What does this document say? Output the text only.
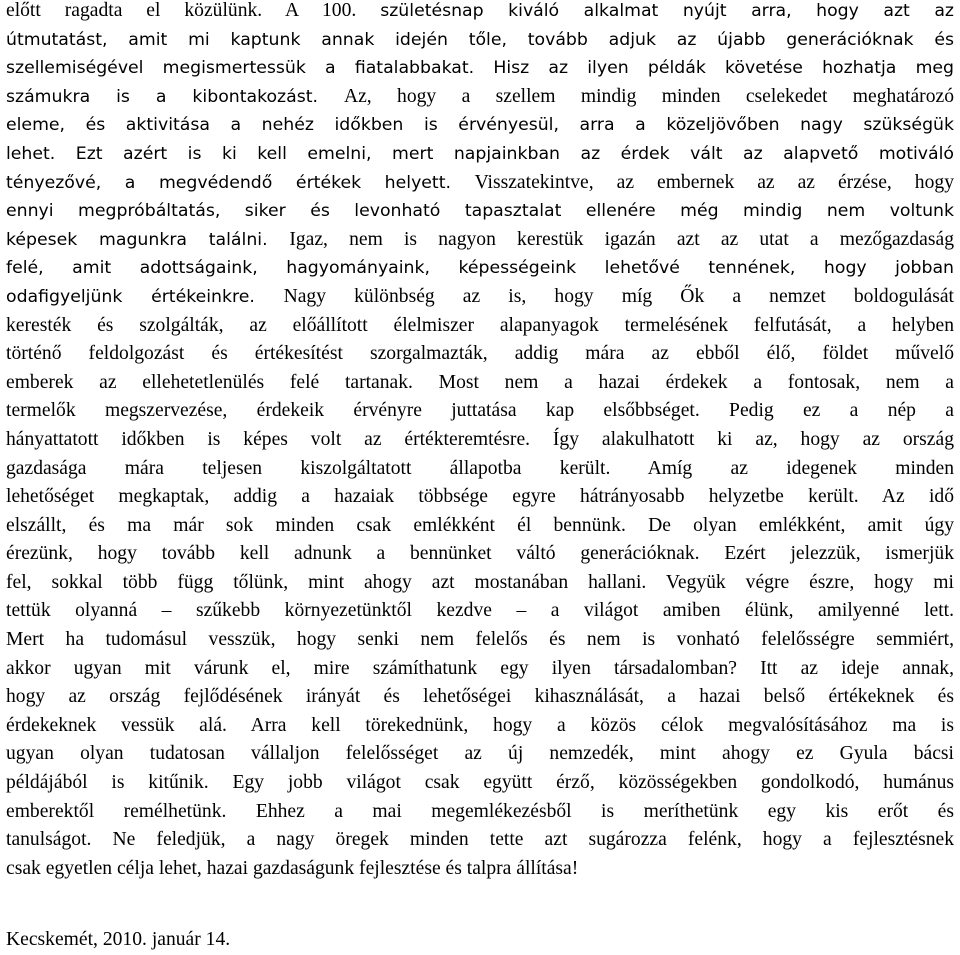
előtt ragadta el közülünk. A 100. születésnap kiváló alkalmat nyújt arra, hogy azt az
útmutatást, amit mi kaptunk annak idején tőle, tovább adjuk az újabb generációknak és
szellemiségével megismertessük a fiatalabbakat. Hisz az ilyen példák követése hozhatja meg
számukra is a kibontakozást. Az, hogy a szellem mindig minden cselekedet meghatározó
eleme, és aktivitása a nehéz időkben is érvényesül, arra a közeljövőben nagy szükségük
lehet. Ezt azért is ki kell emelni, mert napjainkban az érdek vált az alapvető motiváló
tényezővé, a megvédendő értékek helyett. Visszatekintve, az embernek az az érzése, hogy
ennyi megpróbáltatás, siker és levonható tapasztalat ellenére még mindig nem voltunk
képesek magunkra találni. Igaz, nem is nagyon kerestük igazán azt az utat a mezőgazdaság
felé, amit adottságaink, hagyományaink, képességeink lehetővé tennének, hogy jobban
odafigyeljünk értékeinkre. Nagy különbség az is, hogy míg Ők a nemzet boldogulását
keresték és szolgálták, az előállított élelmiszer alapanyagok termelésének felfutását, a helyben
történő feldolgozást és értékesítést szorgalmazták, addig mára az ebből élő, földet művelő
emberek az ellehetetlenülés felé tartanak. Most nem a hazai érdekek a fontosak, nem a
termelők megszervezése, érdekeik érvényre juttatása kap elsőbbséget. Pedig ez a nép a
hányattatott időkben is képes volt az értékteremtésre. Így alakulhatott ki az, hogy az ország
gazdasága mára teljesen kiszolgáltatott állapotba került. Amíg az idegenek minden
lehetőséget megkaptak, addig a hazaiak többsége egyre hátrányosabb helyzetbe került. Az idő
elszállt, és ma már sok minden csak emlékként él bennünk. De olyan emlékként, amit úgy
érezünk, hogy tovább kell adnunk a bennünket váltó generációknak. Ezért jelezzük, ismerjük
fel, sokkal több függ tőlünk, mint ahogy azt mostanában hallani. Vegyük végre észre, hogy mi
tettük olyanná – szűkebb környezetünktől kezdve – a világot amiben élünk, amilyenné lett.
Mert ha tudomásul vesszük, hogy senki nem felelős és nem is vonható felelősségre semmiért,
akkor ugyan mit várunk el, mire számíthatunk egy ilyen társadalomban? Itt az ideje annak,
hogy az ország fejlődésének irányát és lehetőségei kihasználását, a hazai belső értékeknek és
érdekeknek vessük alá. Arra kell törekednünk, hogy a közös célok megvalósításához ma is
ugyan olyan tudatosan vállaljon felelősséget az új nemzedék, mint ahogy ez Gyula bácsi
példájából is kitűnik. Egy jobb világot csak együtt érző, közösségekben gondolkodó, humánus
emberektől remélhetünk. Ehhez a mai megemlékezésből is meríthetünk egy kis erőt és
tanulságot. Ne feledjük, a nagy öregek minden tette azt sugározza felénk, hogy a fejlesztésnek
csak egyetlen célja lehet, hazai gazdaságunk fejlesztése és talpra állítása!

Kecskemét, 2010. január 14.
